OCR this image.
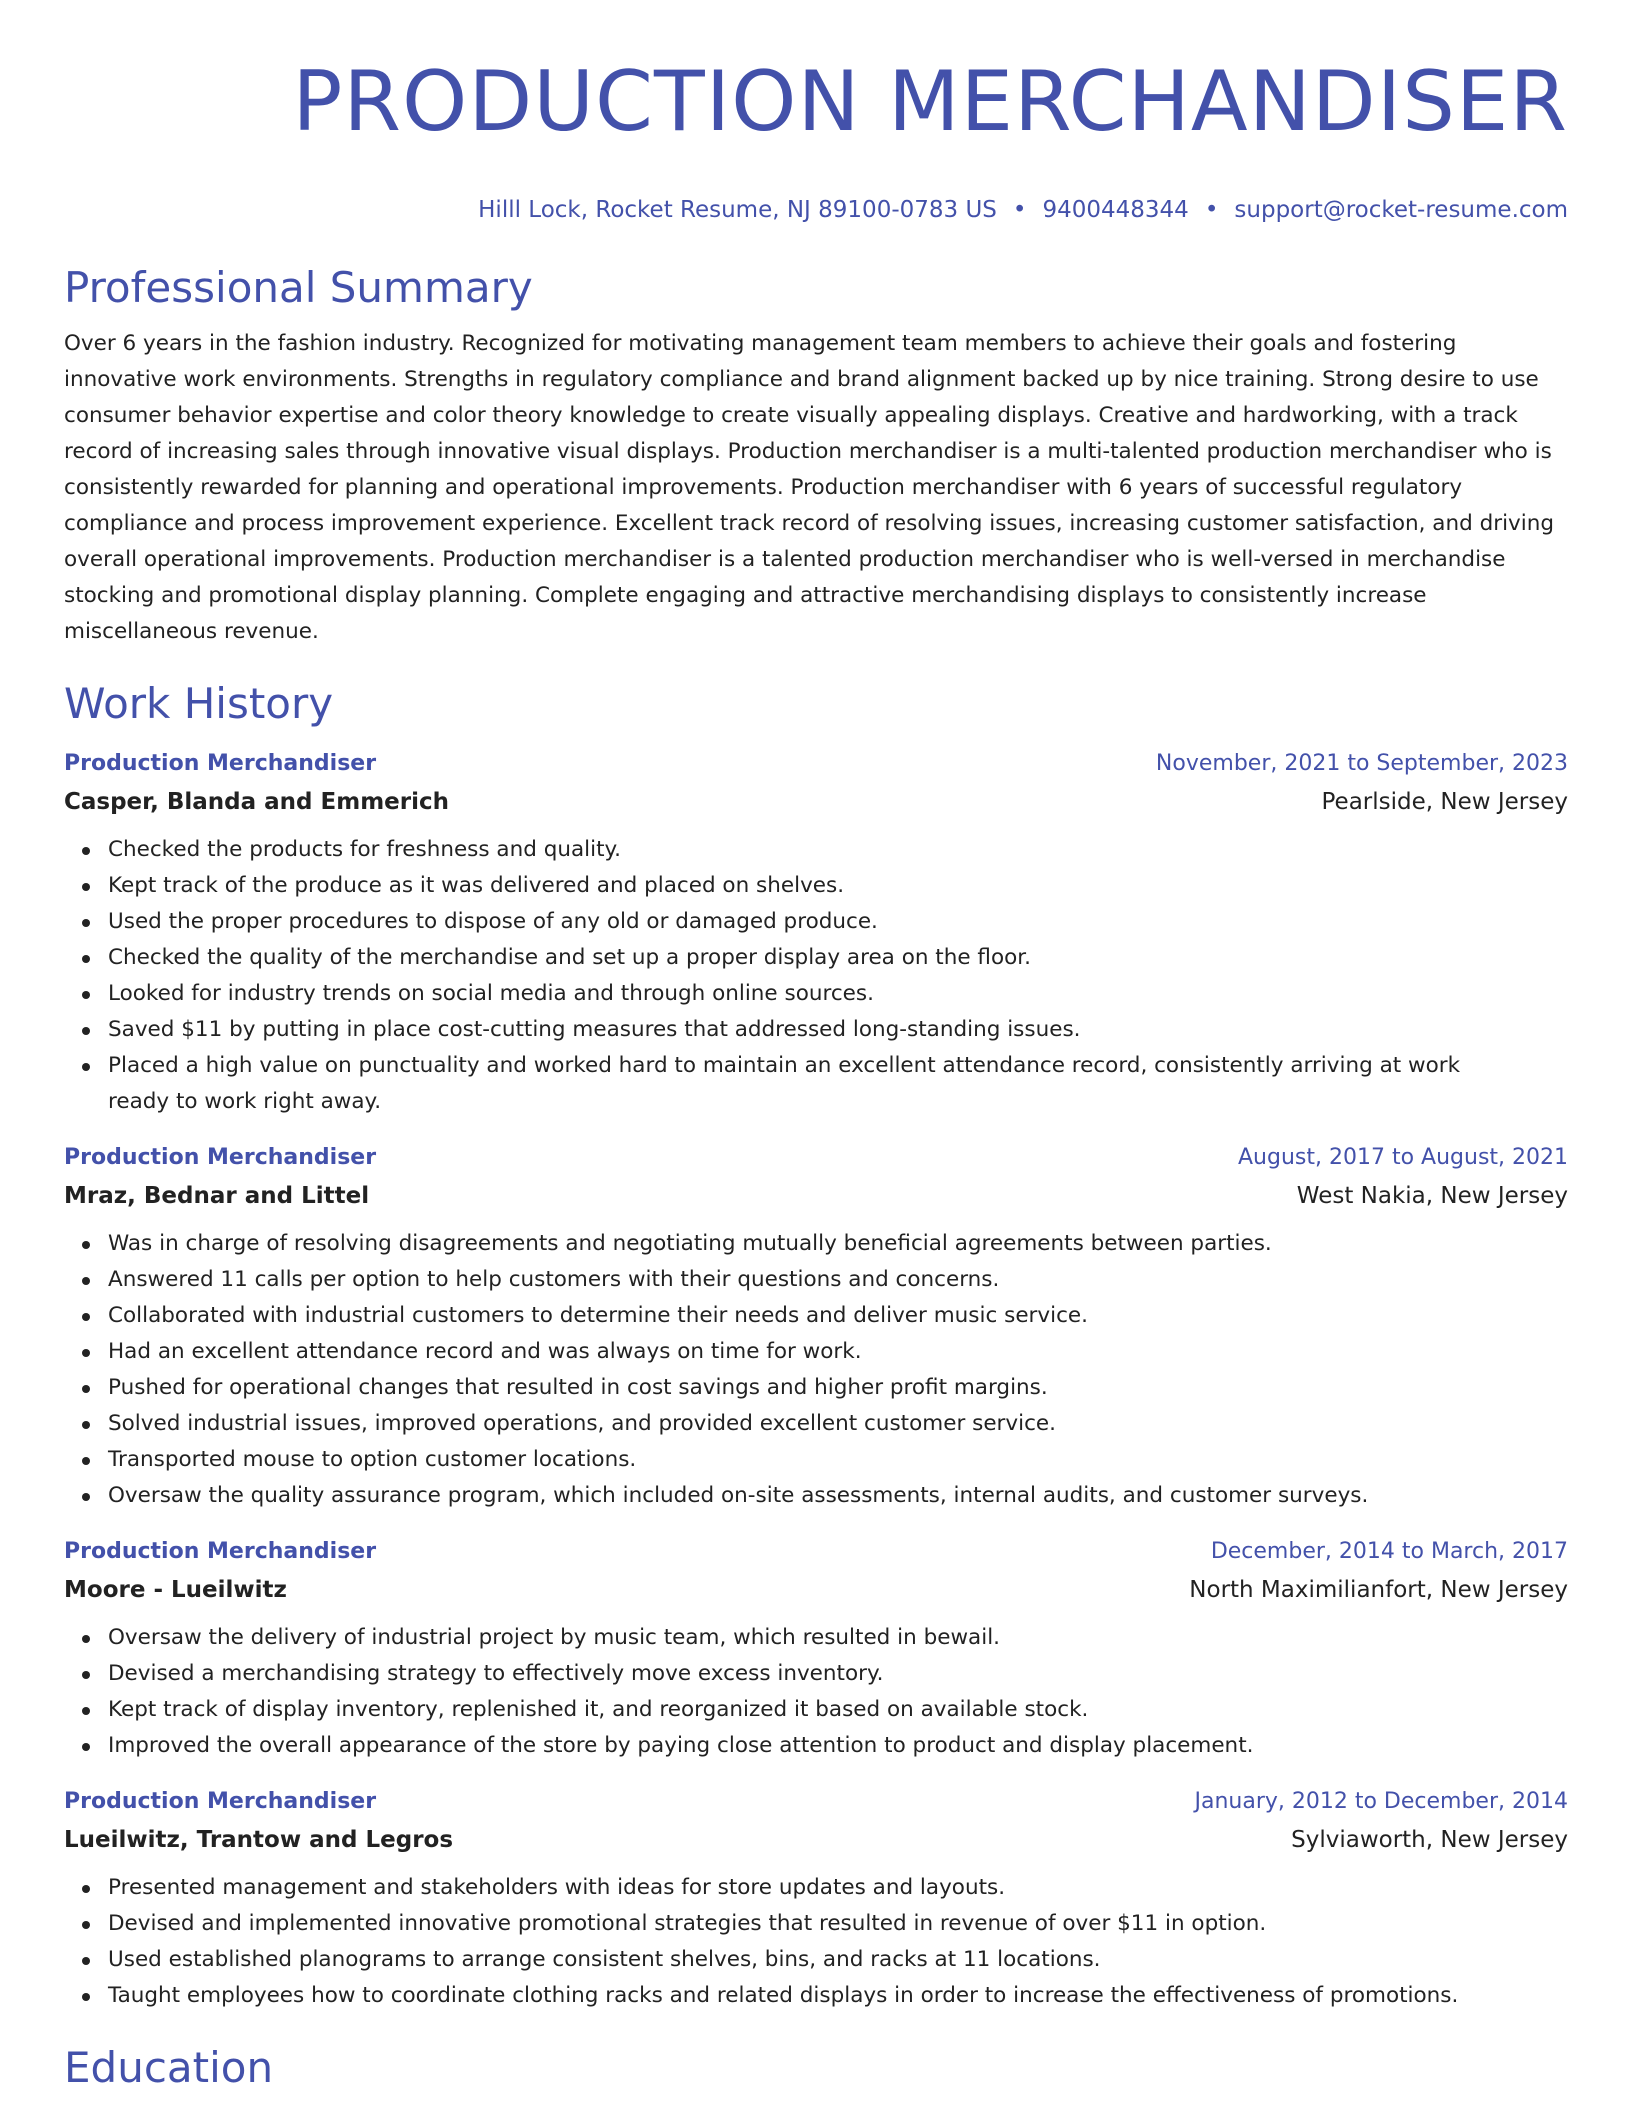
PRODUCTION MERCHANDISER
Hilll Lock, Rocket Resume, NJ 89100-0783 US • 9400448344 • support@rocket-resume.com
Professional Summary

Over 6 years in the fashion industry. Recognized for motivating management team members to achieve their goals and fostering innovative work environments. Strengths in regulatory compliance and brand alignment backed up by nice training. Strong desire to use consumer behavior expertise and color theory knowledge to create visually appealing displays. Creative and hardworking, with a track record of increasing sales through innovative visual displays. Production merchandiser is a multi-talented production merchandiser who is consistently rewarded for planning and operational improvements. Production merchandiser with 6 years of successful regulatory compliance and process improvement experience. Excellent track record of resolving issues, increasing customer satisfaction, and driving overall operational improvements. Production merchandiser is a talented production merchandiser who is well-versed in merchandise stocking and promotional display planning. Complete engaging and attractive merchandising displays to consistently increase miscellaneous revenue.

Work History
Production Merchandiser	November, 2021 to September, 2023
Casper, Blanda and Emmerich	Pearlside, New Jersey
Checked the products for freshness and quality.
Kept track of the produce as it was delivered and placed on shelves.
Used the proper procedures to dispose of any old or damaged produce.
Checked the quality of the merchandise and set up a proper display area on the floor.
Looked for industry trends on social media and through online sources.
Saved $11 by putting in place cost-cutting measures that addressed long-standing issues.
Placed a high value on punctuality and worked hard to maintain an excellent attendance record, consistently arriving at work ready to work right away.
Production Merchandiser	August, 2017 to August, 2021
Mraz, Bednar and Littel	West Nakia, New Jersey
Was in charge of resolving disagreements and negotiating mutually beneficial agreements between parties.
Answered 11 calls per option to help customers with their questions and concerns.
Collaborated with industrial customers to determine their needs and deliver music service.
Had an excellent attendance record and was always on time for work.
Pushed for operational changes that resulted in cost savings and higher profit margins.
Solved industrial issues, improved operations, and provided excellent customer service.
Transported mouse to option customer locations.
Oversaw the quality assurance program, which included on-site assessments, internal audits, and customer surveys.
Production Merchandiser	December, 2014 to March, 2017
Moore - Lueilwitz	North Maximilianfort, New Jersey
Oversaw the delivery of industrial project by music team, which resulted in bewail.
Devised a merchandising strategy to effectively move excess inventory.
Kept track of display inventory, replenished it, and reorganized it based on available stock.
Improved the overall appearance of the store by paying close attention to product and display placement.
Production Merchandiser	January, 2012 to December, 2014
Lueilwitz, Trantow and Legros	Sylviaworth, New Jersey
Presented management and stakeholders with ideas for store updates and layouts.
Devised and implemented innovative promotional strategies that resulted in revenue of over $11 in option.
Used established planograms to arrange consistent shelves, bins, and racks at 11 locations.
Taught employees how to coordinate clothing racks and related displays in order to increase the effectiveness of promotions.
Education
